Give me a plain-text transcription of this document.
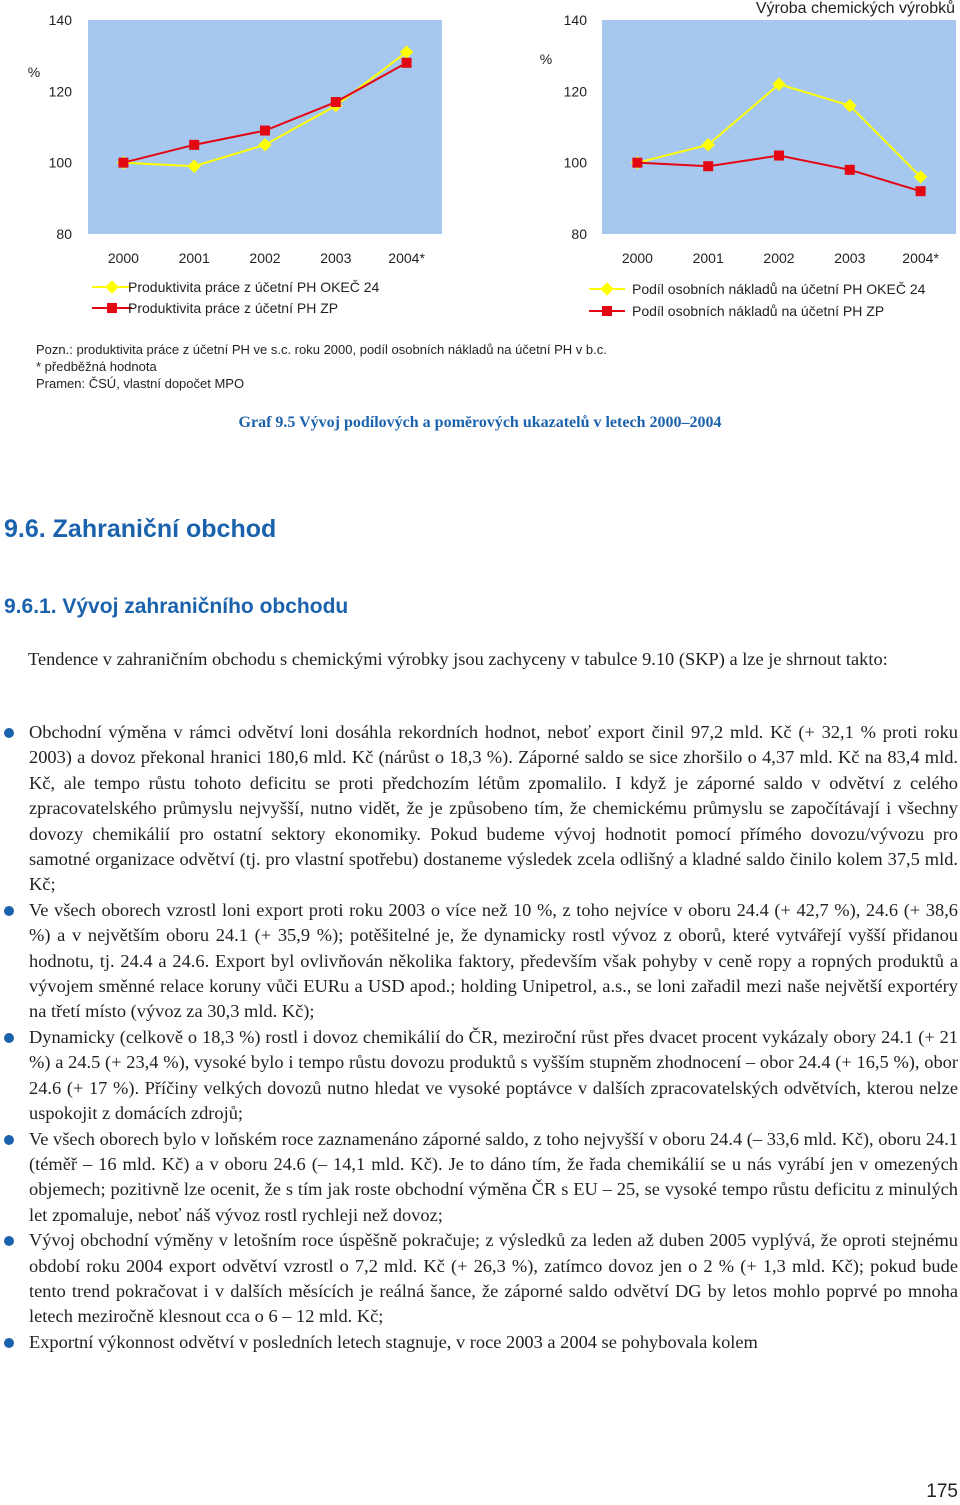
Výroba chemických výrobků
%
140
120
100
80
2000	2001	2002	2003	2004*
Produktivita práce z účetní PH OKEČ 24
Produktivita práce z účetní PH ZP
%
140
120
100
80
2000	2001	2002	2003	2004*
Podíl osobních nákladů na účetní PH OKEČ 24
Podíl osobních nákladů na účetní PH ZP
Pozn.: produktivita práce z účetní PH ve s.c. roku 2000, podíl osobních nákladů na účetní PH v b.c.
* předběžná hodnota
Pramen: ČSÚ, vlastní dopočet MPO
Graf 9.5 Vývoj podílových a poměrových ukazatelů v letech 2000–2004
9.6. Zahraniční obchod
9.6.1. Vývoj zahraničního obchodu
Tendence v zahraničním obchodu s chemickými výrobky jsou zachyceny v tabulce 9.10 (SKP) a lze je shrnout takto:
Obchodní výměna v rámci odvětví loni dosáhla rekordních hodnot, neboť export činil 97,2 mld. Kč (+ 32,1 % proti roku 2003) a dovoz překonal hranici 180,6 mld. Kč (nárůst o 18,3 %). Záporné saldo se sice zhoršilo o 4,37 mld. Kč na 83,4 mld. Kč, ale tempo růstu tohoto deficitu se proti předchozím létům zpomalilo. I když je záporné saldo v odvětví z celého zpracovatelského průmyslu nejvyšší, nutno vidět, že je způsobeno tím, že chemickému průmyslu se započítávají i všechny dovozy chemikálií pro ostatní sektory ekonomiky. Pokud budeme vývoj hodnotit pomocí přímého dovozu/vývozu pro samotné organizace odvětví (tj. pro vlastní spotřebu) dostaneme výsledek zcela odlišný a kladné saldo činilo kolem 37,5 mld. Kč;
Ve všech oborech vzrostl loni export proti roku 2003 o více než 10 %, z toho nejvíce v oboru 24.4 (+ 42,7 %), 24.6 (+ 38,6 %) a v největším oboru 24.1 (+ 35,9 %); potěšitelné je, že dynamicky rostl vývoz z oborů, které vytvářejí vyšší přidanou hodnotu, tj. 24.4 a 24.6. Export byl ovlivňován několika faktory, především však pohyby v ceně ropy a ropných produktů a vývojem směnné relace koruny vůči EURu a USD apod.; holding Unipetrol, a.s., se loni zařadil mezi naše největší exportéry na třetí místo (vývoz za 30,3 mld. Kč);
Dynamicky (celkově o 18,3 %) rostl i dovoz chemikálií do ČR, meziroční růst přes dvacet procent vykázaly obory 24.1 (+ 21 %) a 24.5 (+ 23,4 %), vysoké bylo i tempo růstu dovozu produktů s vyšším stupněm zhodnocení – obor 24.4 (+ 16,5 %), obor 24.6 (+ 17 %). Příčiny velkých dovozů nutno hledat ve vysoké poptávce v dalších zpracovatelských odvětvích, kterou nelze uspokojit z domácích zdrojů;
Ve všech oborech bylo v loňském roce zaznamenáno záporné saldo, z toho nejvyšší v oboru 24.4 (– 33,6 mld. Kč), oboru 24.1 (téměř – 16 mld. Kč) a v oboru 24.6 (– 14,1 mld. Kč). Je to dáno tím, že řada chemikálií se u nás vyrábí jen v omezených objemech; pozitivně lze ocenit, že s tím jak roste obchodní výměna ČR s EU – 25, se vysoké tempo růstu deficitu z minulých let zpomaluje, neboť náš vývoz rostl rychleji než dovoz;
Vývoj obchodní výměny v letošním roce úspěšně pokračuje; z výsledků za leden až duben 2005 vyplývá, že oproti stejnému období roku 2004 export odvětví vzrostl o 7,2 mld. Kč (+ 26,3 %), zatímco dovoz jen o 2 % (+ 1,3 mld. Kč); pokud bude tento trend pokračovat i v dalších měsících je reálná šance, že záporné saldo odvětví DG by letos mohlo poprvé po mnoha letech meziročně klesnout cca o 6 – 12 mld. Kč;
Exportní výkonnost odvětví v posledních letech stagnuje, v roce 2003 a 2004 se pohybovala kolem
175
